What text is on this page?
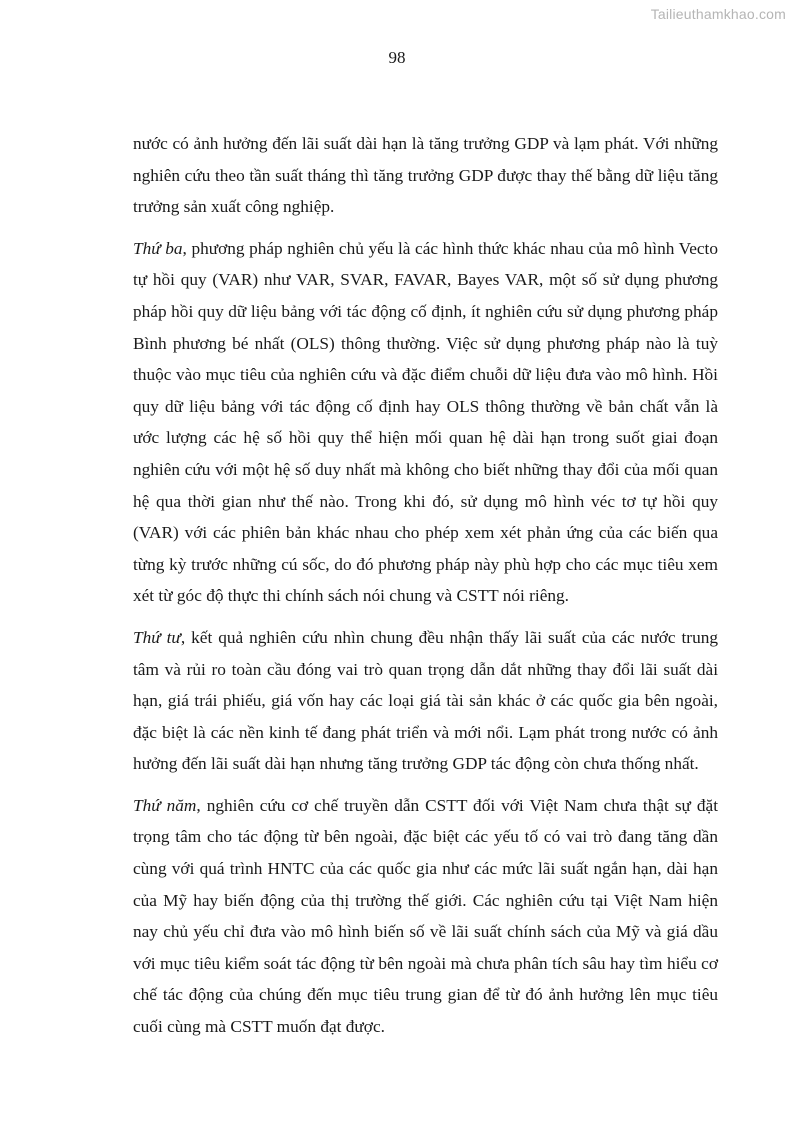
Tailieuthamkhao.com
98

nước có ảnh hưởng đến lãi suất dài hạn là tăng trưởng GDP và lạm phát. Với những nghiên cứu theo tần suất tháng thì tăng trưởng GDP được thay thế bằng dữ liệu tăng trưởng sản xuất công nghiệp.

Thứ ba, phương pháp nghiên chủ yếu là các hình thức khác nhau của mô hình Vecto tự hồi quy (VAR) như VAR, SVAR, FAVAR, Bayes VAR, một số sử dụng phương pháp hồi quy dữ liệu bảng với tác động cố định, ít nghiên cứu sử dụng phương pháp Bình phương bé nhất (OLS) thông thường. Việc sử dụng phương pháp nào là tuỳ thuộc vào mục tiêu của nghiên cứu và đặc điểm chuỗi dữ liệu đưa vào mô hình. Hồi quy dữ liệu bảng với tác động cố định hay OLS thông thường về bản chất vẫn là ước lượng các hệ số hồi quy thể hiện mối quan hệ dài hạn trong suốt giai đoạn nghiên cứu với một hệ số duy nhất mà không cho biết những thay đổi của mối quan hệ qua thời gian như thế nào. Trong khi đó, sử dụng mô hình véc tơ tự hồi quy (VAR) với các phiên bản khác nhau cho phép xem xét phản ứng của các biến qua từng kỳ trước những cú sốc, do đó phương pháp này phù hợp cho các mục tiêu xem xét từ góc độ thực thi chính sách nói chung và CSTT nói riêng.

Thứ tư, kết quả nghiên cứu nhìn chung đều nhận thấy lãi suất của các nước trung tâm và rủi ro toàn cầu đóng vai trò quan trọng dẫn dắt những thay đổi lãi suất dài hạn, giá trái phiếu, giá vốn hay các loại giá tài sản khác ở các quốc gia bên ngoài, đặc biệt là các nền kinh tế đang phát triển và mới nổi. Lạm phát trong nước có ảnh hưởng đến lãi suất dài hạn nhưng tăng trưởng GDP tác động còn chưa thống nhất.

Thứ năm, nghiên cứu cơ chế truyền dẫn CSTT đối với Việt Nam chưa thật sự đặt trọng tâm cho tác động từ bên ngoài, đặc biệt các yếu tố có vai trò đang tăng dần cùng với quá trình HNTC của các quốc gia như các mức lãi suất ngắn hạn, dài hạn của Mỹ hay biến động của thị trường thế giới. Các nghiên cứu tại Việt Nam hiện nay chủ yếu chỉ đưa vào mô hình biến số về lãi suất chính sách của Mỹ và giá dầu với mục tiêu kiểm soát tác động từ bên ngoài mà chưa phân tích sâu hay tìm hiểu cơ chế tác động của chúng đến mục tiêu trung gian để từ đó ảnh hưởng lên mục tiêu cuối cùng mà CSTT muốn đạt được.
